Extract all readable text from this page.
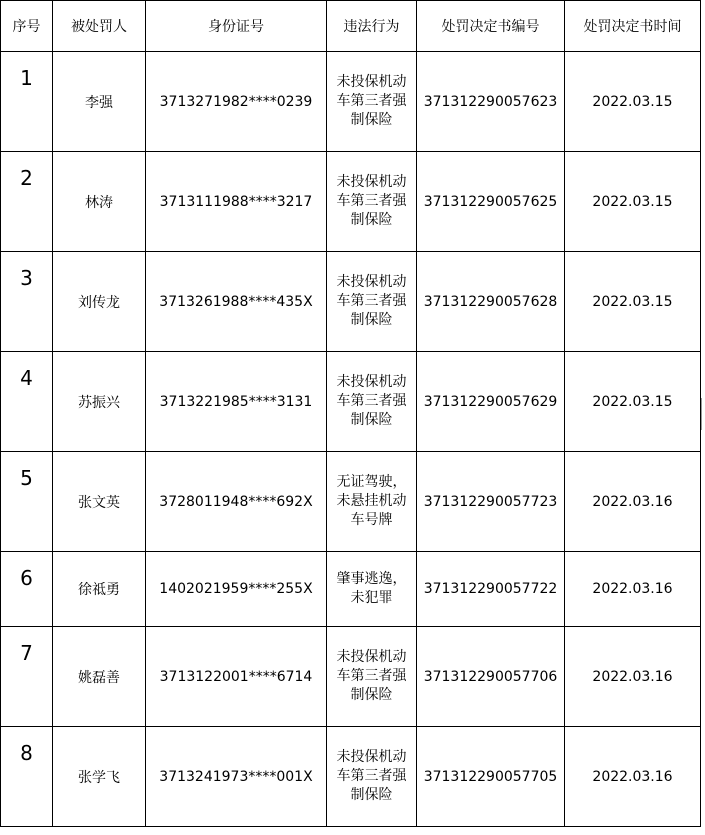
序号	被处罚人	身份证号	违法行为	处罚决定书编号	处罚决定书时间
1	李强	3713271982****0239	未投保机动车第三者强制保险	371312290057623	2022.03.15
2	林涛	3713111988****3217	未投保机动车第三者强制保险	371312290057625	2022.03.15
3	刘传龙	3713261988****435X	未投保机动车第三者强制保险	371312290057628	2022.03.15
4	苏振兴	3713221985****3131	未投保机动车第三者强制保险	371312290057629	2022.03.15
5	张文英	3728011948****692X	无证驾驶，未悬挂机动车号牌	371312290057723	2022.03.16
6	徐祗勇	1402021959****255X	肇事逃逸，未犯罪	371312290057722	2022.03.16
7	姚磊善	3713122001****6714	未投保机动车第三者强制保险	371312290057706	2022.03.16
8	张学飞	3713241973****001X	未投保机动车第三者强制保险	371312290057705	2022.03.16
